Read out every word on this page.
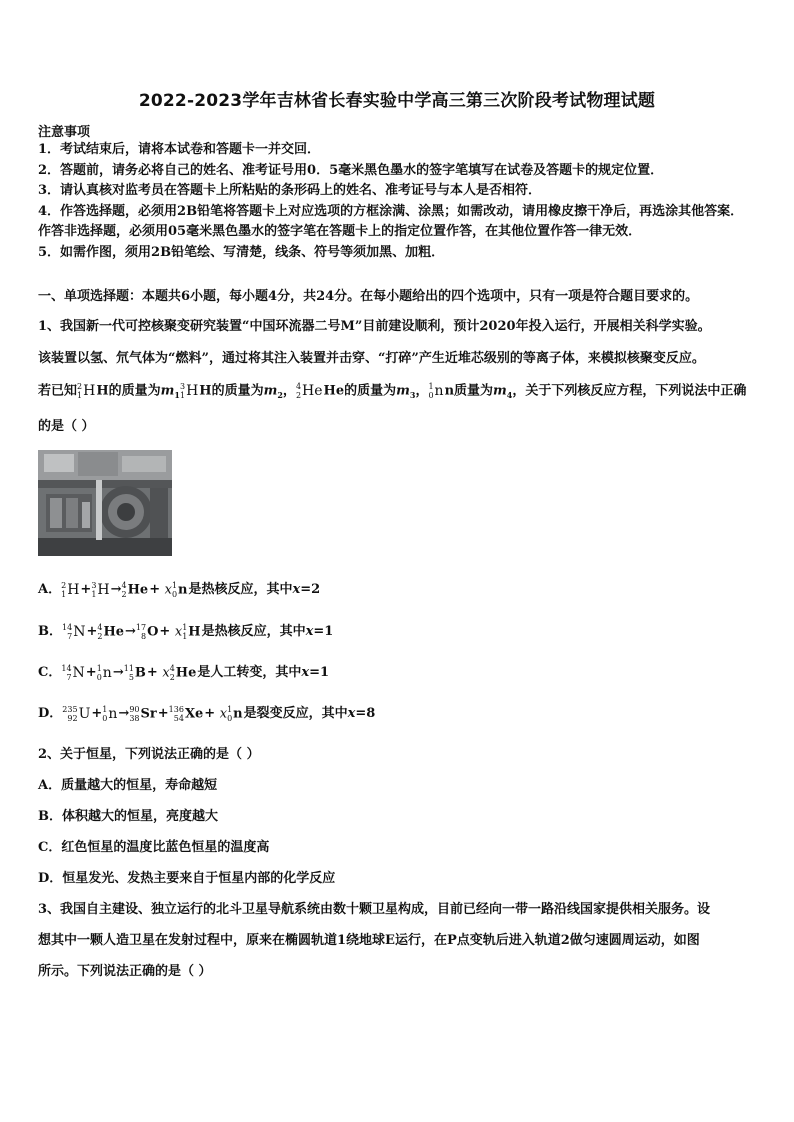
2022-2023学年吉林省长春实验中学高三第三次阶段考试物理试题
注意事项
1．考试结束后，请将本试卷和答题卡一并交回．
2．答题前，请务必将自己的姓名、准考证号用0．5毫米黑色墨水的签字笔填写在试卷及答题卡的规定位置．
3．请认真核对监考员在答题卡上所粘贴的条形码上的姓名、准考证号与本人是否相符．
4．作答选择题，必须用2B铅笔将答题卡上对应选项的方框涂满、涂黑；如需改动，请用橡皮擦干净后，再选涂其他答案．作答非选择题，必须用05毫米黑色墨水的签字笔在答题卡上的指定位置作答，在其他位置作答一律无效．
5．如需作图，须用2B铅笔绘、写清楚，线条、符号等须加黑、加粗．
一、单项选择题：本题共6小题，每小题4分，共24分。在每小题给出的四个选项中，只有一项是符合题目要求的。
1、我国新一代可控核聚变研究装置“中国环流器二号M”目前建设顺利，预计2020年投入运行，开展相关科学实验。
该装置以氢、氘气体为“燃料”，通过将其注入装置并击穿、“打碎”产生近堆芯级别的等离子体，来模拟核聚变反应。
若已知 2
1 HH的质量为$m_1$
3
1 HH的质量为$m_2$， 4
2 HeHe的质量为$m_3$， 1
0 nn质量为$m_4$，关于下列核反应方程，下列说法中正确
的是（ ）
A． 2
1 H+ 3
1 H→ 4
2 He+ x 1
0 n是热核反应，其中x=2
B． 14
7 N+ 4
2 He→ 17
8 O+ x 1
1 H是热核反应，其中x=1
C． 14
7 N+ 1
0 n→ 11
5 B+ x 4
2 He是人工转变，其中x=1
D． 235
92 U+ 1
0 n→ 90
38 Sr+ 136
54 Xe+ x 1
0 n是裂变反应，其中x=8
2、关于恒星，下列说法正确的是（ ）
A．质量越大的恒星，寿命越短
B．体积越大的恒星，亮度越大
C．红色恒星的温度比蓝色恒星的温度高
D．恒星发光、发热主要来自于恒星内部的化学反应
3、我国自主建设、独立运行的北斗卫星导航系统由数十颗卫星构成，目前已经向一带一路沿线国家提供相关服务。设
想其中一颗人造卫星在发射过程中，原来在椭圆轨道1绕地球E运行，在P点变轨后进入轨道2做匀速圆周运动，如图
所示。下列说法正确的是（ ）
